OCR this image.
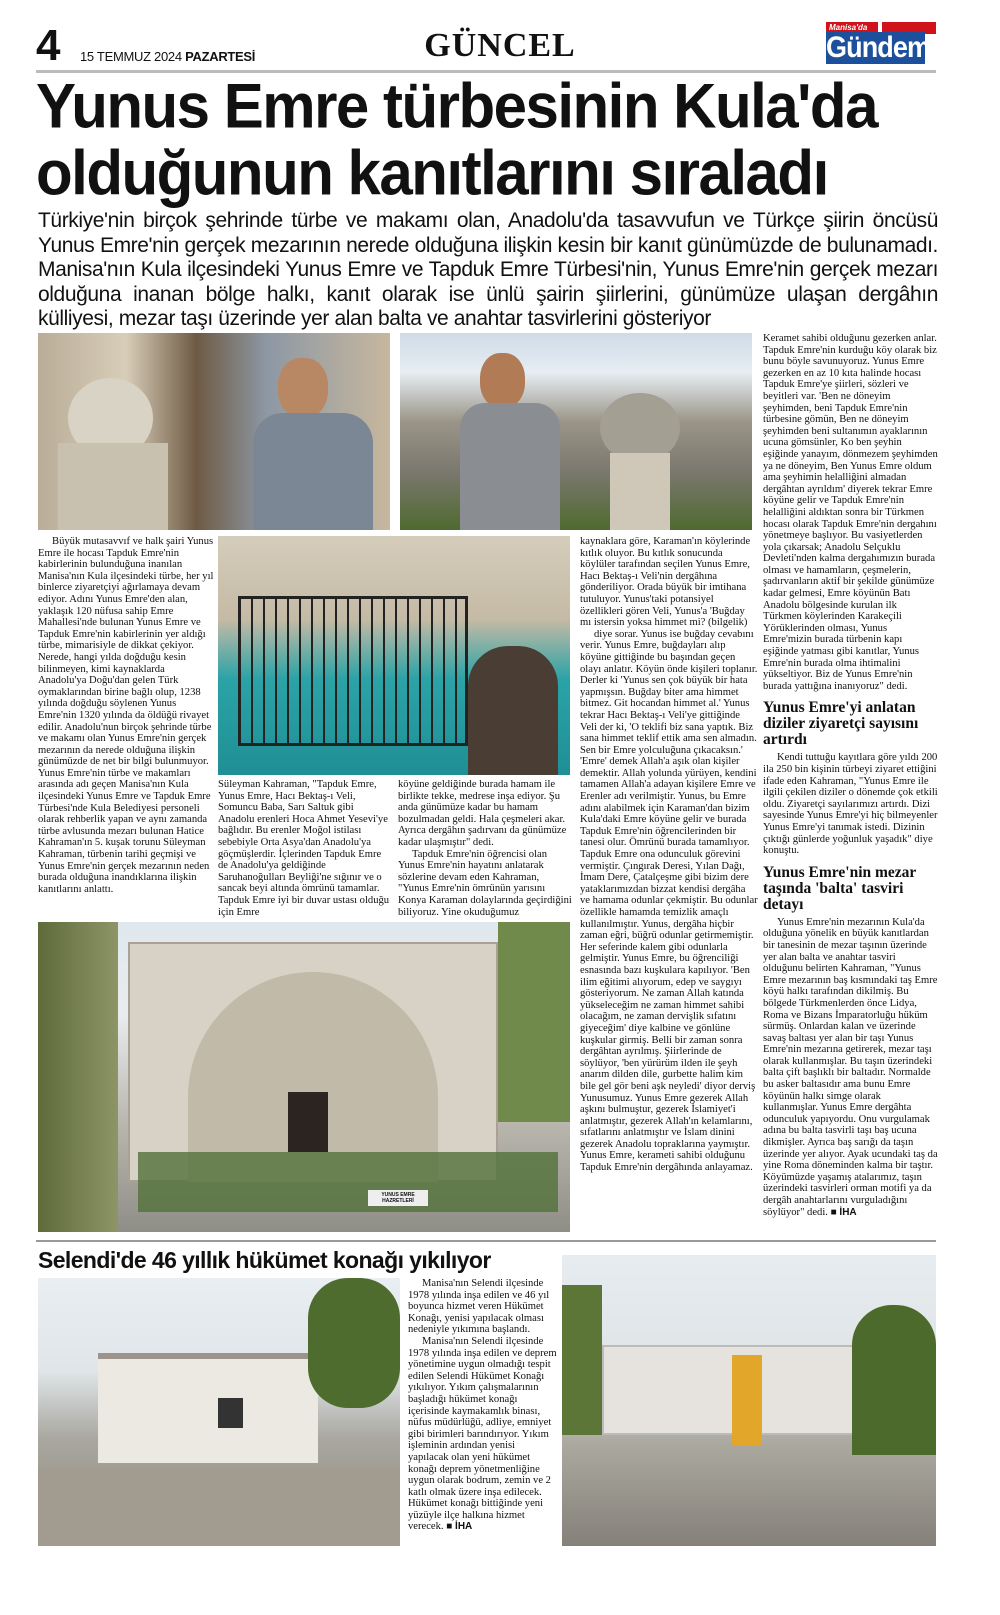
4 15 TEMMUZ 2024 PAZARTESİ	GÜNCEL	Manisa'da
Gündem
Yunus Emre türbesinin Kula'da olduğunun kanıtlarını sıraladı

Türkiye'nin birçok şehrinde türbe ve makamı olan, Anadolu'da tasavvufun ve Türkçe şiirin öncüsü Yunus Emre'nin gerçek mezarının nerede olduğuna ilişkin kesin bir kanıt günümüzde de bulunamadı. Manisa'nın Kula ilçesindeki Yunus Emre ve Tapduk Emre Türbesi'nin, Yunus Emre'nin gerçek mezarı olduğuna inanan bölge halkı, kanıt olarak ise ünlü şairin şiirlerini, günümüze ulaşan dergâhın külliyesi, mezar taşı üzerinde yer alan balta ve anahtar tasvirlerini gösteriyor

YUNUS EMRE HAZRETLERİ

Büyük mutasavvıf ve halk şairi Yunus Emre ile hocası Tapduk Emre'nin kabirlerinin bulunduğuna inanılan Manisa'nın Kula ilçesindeki türbe, her yıl binlerce ziyaretçiyi ağırlamaya devam ediyor. Adını Yunus Emre'den alan, yaklaşık 120 nüfusa sahip Emre Mahallesi'nde bulunan Yunus Emre ve Tapduk Emre'nin kabirlerinin yer aldığı türbe, mimarisiyle de dikkat çekiyor. Nerede, hangi yılda doğduğu kesin bilinmeyen, kimi kaynaklarda Anadolu'ya Doğu'dan gelen Türk oymaklarından birine bağlı olup, 1238 yılında doğduğu söylenen Yunus Emre'nin 1320 yılında da öldüğü rivayet edilir. Anadolu'nun birçok şehrinde türbe ve makamı olan Yunus Emre'nin gerçek mezarının da nerede olduğuna ilişkin günümüzde de net bir bilgi bulunmuyor. Yunus Emre'nin türbe ve makamları arasında adı geçen Manisa'nın Kula ilçesindeki Yunus Emre ve Tapduk Emre Türbesi'nde Kula Belediyesi personeli olarak rehberlik yapan ve aynı zamanda türbe avlusunda mezarı bulunan Hatice Kahraman'ın 5. kuşak torunu Süleyman Kahraman, türbenin tarihi geçmişi ve Yunus Emre'nin gerçek mezarının neden burada olduğuna inandıklarına ilişkin kanıtlarını anlattı.

Süleyman Kahraman, "Tapduk Emre, Yunus Emre, Hacı Bektaş-ı Veli, Somuncu Baba, Sarı Saltuk gibi Anadolu erenleri Hoca Ahmet Yesevi'ye bağlıdır. Bu erenler Moğol istilası sebebiyle Orta Asya'dan Anadolu'ya göçmüşlerdir. İçlerinden Tapduk Emre de Anadolu'ya geldiğinde Saruhanoğulları Beyliği'ne sığınır ve o sancak beyi altında ömrünü tamamlar. Tapduk Emre iyi bir duvar ustası olduğu için Emre

köyüne geldiğinde burada hamam ile birlikte tekke, medrese inşa ediyor. Şu anda günümüze kadar bu hamam bozulmadan geldi. Hala çeşmeleri akar. Ayrıca dergâhın şadırvanı da günümüze kadar ulaşmıştır" dedi.

Tapduk Emre'nin öğrencisi olan Yunus Emre'nin hayatını anlatarak sözlerine devam eden Kahraman, "Yunus Emre'nin ömrünün yarısını Konya Karaman dolaylarında geçirdiğini biliyoruz. Yine okuduğumuz

kaynaklara göre, Karaman'ın köylerinde kıtlık oluyor. Bu kıtlık sonucunda köylüler tarafından seçilen Yunus Emre, Hacı Bektaş-ı Veli'nin dergâhına gönderiliyor. Orada büyük bir imtihana tutuluyor. Yunus'taki potansiyel özellikleri gören Veli, Yunus'a 'Buğday mı istersin yoksa himmet mi? (bilgelik)

diye sorar. Yunus ise buğday cevabını verir. Yunus Emre, buğdayları alıp köyüne gittiğinde bu başından geçen olayı anlatır. Köyün önde kişileri toplanır. Derler ki 'Yunus sen çok büyük bir hata yapmışsın. Buğday biter ama himmet bitmez. Git hocandan himmet al.' Yunus tekrar Hacı Bektaş-ı Veli'ye gittiğinde Veli der ki, 'O teklifi biz sana yaptık. Biz sana himmet teklif ettik ama sen almadın. Sen bir Emre yolculuğuna çıkacaksın.' 'Emre' demek Allah'a aşık olan kişiler demektir. Allah yolunda yürüyen, kendini tamamen Allah'a adayan kişilere Emre ve Erenler adı verilmiştir. Yunus, bu Emre adını alabilmek için Karaman'dan bizim Kula'daki Emre köyüne gelir ve burada Tapduk Emre'nin öğrencilerinden bir tanesi olur. Ömrünü burada tamamlıyor. Tapduk Emre ona odunculuk görevini vermiştir. Çıngırak Deresi, Yılan Dağı, İmam Dere, Çatalçeşme gibi bizim dere yataklarımızdan bizzat kendisi dergâha ve hamama odunlar çekmiştir. Bu odunlar özellikle hamamda temizlik amaçlı kullanılmıştır. Yunus, dergâha hiçbir zaman eğri, büğrü odunlar getirmemiştir. Her seferinde kalem gibi odunlarla gelmiştir. Yunus Emre, bu öğrenciliği esnasında bazı kuşkulara kapılıyor. 'Ben ilim eğitimi alıyorum, edep ve saygıyı gösteriyorum. Ne zaman Allah katında yükseleceğim ne zaman himmet sahibi olacağım, ne zaman dervişlik sıfatını giyeceğim' diye kalbine ve gönlüne kuşkular girmiş. Belli bir zaman sonra dergâhtan ayrılmış. Şiirlerinde de söylüyor, 'ben yürürüm ilden ile şeyh anarım dilden dile, gurbette halim kim bile gel gör beni aşk neyledi' diyor derviş Yunusumuz. Yunus Emre gezerek Allah aşkını bulmuştur, gezerek İslamiyet'i anlatmıştır, gezerek Allah'ın kelamlarını, sıfatlarını anlatmıştır ve İslam dinini gezerek Anadolu topraklarına yaymıştır. Yunus Emre, kerameti sahibi olduğunu Tapduk Emre'nin dergâhında anlayamaz.

Keramet sahibi olduğunu gezerken anlar. Tapduk Emre'nin kurduğu köy olarak biz bunu böyle savunuyoruz. Yunus Emre gezerken en az 10 kıta halinde hocası Tapduk Emre'ye şiirleri, sözleri ve beyitleri var. 'Ben ne döneyim şeyhimden, beni Tapduk Emre'nin türbesine gömün, Ben ne döneyim şeyhimden beni sultanımın ayaklarının ucuna gömsünler, Ko ben şeyhin eşiğinde yanayım, dönmezem şeyhimden ya ne döneyim, Ben Yunus Emre oldum ama şeyhimin helalliğini almadan dergâhtan ayrıldım' diyerek tekrar Emre köyüne gelir ve Tapduk Emre'nin helalliğini aldıktan sonra bir Türkmen hocası olarak Tapduk Emre'nin dergahını yönetmeye başlıyor. Bu vasiyetlerden yola çıkarsak; Anadolu Selçuklu Devleti'nden kalma dergahımızın burada olması ve hamamların, çeşmelerin, şadırvanların aktif bir şekilde günümüze kadar gelmesi, Emre köyünün Batı Anadolu bölgesinde kurulan ilk Türkmen köylerinden Karakeçili Yörüklerinden olması, Yunus Emre'mizin burada türbenin kapı eşiğinde yatması gibi kanıtlar, Yunus Emre'nin burada olma ihtimalini yükseltiyor. Biz de Yunus Emre'nin burada yattığına inanıyoruz" dedi.

Yunus Emre'yi anlatan diziler ziyaretçi sayısını artırdı

Kendi tuttuğu kayıtlara göre yıldı 200 ila 250 bin kişinin türbeyi ziyaret ettiğini ifade eden Kahraman, "Yunus Emre ile ilgili çekilen diziler o dönemde çok etkili oldu. Ziyaretçi sayılarımızı artırdı. Dizi sayesinde Yunus Emre'yi hiç bilmeyenler Yunus Emre'yi tanımak istedi. Dizinin çıktığı günlerde yoğunluk yaşadık" diye konuştu.

Yunus Emre'nin mezar taşında 'balta' tasviri detayı

Yunus Emre'nin mezarının Kula'da olduğuna yönelik en büyük kanıtlardan bir tanesinin de mezar taşının üzerinde yer alan balta ve anahtar tasviri olduğunu belirten Kahraman, "Yunus Emre mezarının baş kısmındaki taş Emre köyü halkı tarafından dikilmiş. Bu bölgede Türkmenlerden önce Lidya, Roma ve Bizans İmparatorluğu hüküm sürmüş. Onlardan kalan ve üzerinde savaş baltası yer alan bir taşı Yunus Emre'nin mezarına getirerek, mezar taşı olarak kullanmışlar. Bu taşın üzerindeki balta çift başlıklı bir baltadır. Normalde bu asker baltasıdır ama bunu Emre köyünün halkı simge olarak kullanmışlar. Yunus Emre dergâhta odunculuk yapıyordu. Onu vurgulamak adına bu balta tasvirli taşı baş ucuna dikmişler. Ayrıca baş sarığı da taşın üzerinde yer alıyor. Ayak ucundaki taş da yine Roma döneminden kalma bir taştır. Köyümüzde yaşamış atalarımız, taşın üzerindeki tasvirleri orman motifi ya da dergâh anahtarlarını vurguladığını söylüyor" dedi. ■ İHA

Selendi'de 46 yıllık hükümet konağı yıkılıyor

Manisa'nın Selendi ilçesinde 1978 yılında inşa edilen ve 46 yıl boyunca hizmet veren Hükümet Konağı, yenisi yapılacak olması nedeniyle yıkımına başlandı.

Manisa'nın Selendi ilçesinde 1978 yılında inşa edilen ve deprem yönetimine uygun olmadığı tespit edilen Selendi Hükümet Konağı yıkılıyor. Yıkım çalışmalarının başladığı hükümet konağı içerisinde kaymakamlık binası, nüfus müdürlüğü, adliye, emniyet gibi birimleri barındırıyor. Yıkım işleminin ardından yenisi yapılacak olan yeni hükümet konağı deprem yönetmenliğine uygun olarak bodrum, zemin ve 2 katlı olmak üzere inşa edilecek. Hükümet konağı bittiğinde yeni yüzüyle ilçe halkına hizmet verecek. ■ İHA
